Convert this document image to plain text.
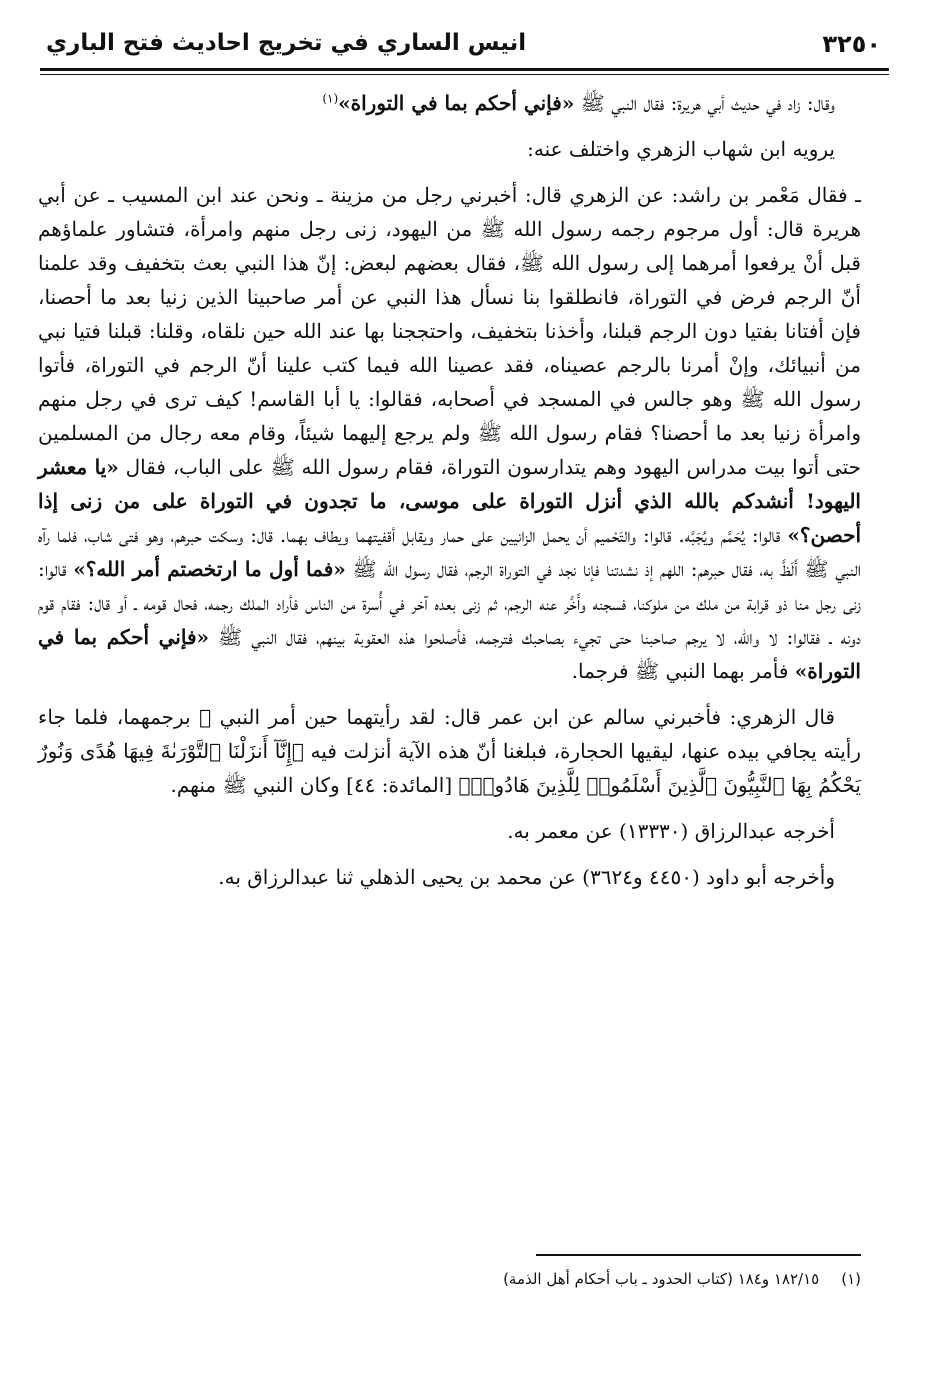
انيس الساري في تخريج احاديث فتح الباري	٣٢٥٠

وقال: زاد في حديث أبي هريرة: فقال النبي ﷺ «فإني أحكم بما في التوراة»$^{(١)}$

يرويه ابن شهاب الزهري واختلف عنه:

ـ فقال مَعْمر بن راشد: عن الزهري قال: أخبرني رجل من مزينة ـ ونحن عند ابن المسيب ـ عن أبي هريرة قال: أول مرجوم رجمه رسول الله ﷺ من اليهود، زنى رجل منهم وامرأة، فتشاور علماؤهم قبل أنْ يرفعوا أمرهما إلى رسول الله ﷺ، فقال بعضهم لبعض: إنّ هذا النبي بعث بتخفيف وقد علمنا أنّ الرجم فرض في التوراة، فانطلقوا بنا نسأل هذا النبي عن أمر صاحبينا الذين زنيا بعد ما أحصنا، فإن أفتانا بفتيا دون الرجم قبلنا، وأخذنا بتخفيف، واحتججنا بها عند الله حين نلقاه، وقلنا: قبلنا فتيا نبي من أنبيائك، وإنْ أمرنا بالرجم عصيناه، فقد عصينا الله فيما كتب علينا أنّ الرجم في التوراة، فأتوا رسول الله ﷺ وهو جالس في المسجد في أصحابه، فقالوا: يا أبا القاسم! كيف ترى في رجل منهم وامرأة زنيا بعد ما أحصنا؟ فقام رسول الله ﷺ ولم يرجع إليهما شيئاً، وقام معه رجال من المسلمين حتى أتوا بيت مدراس اليهود وهم يتدارسون التوراة، فقام رسول الله ﷺ على الباب، فقال «يا معشر اليهود! أنشدكم بالله الذي أنزل التوراة على موسى، ما تجدون في التوراة على من زنى إذا أحصن؟» قالوا: يُحَمَّم ويُجَبَّه. قالوا: والتَحْميم أن يحمل الزانيين على حمار ويقابل أقفيتهما ويطاف بهما. قال: وسكت حبرهم، وهو فتى شاب، فلما رآه النبي ﷺ أَلَظَّ به، فقال حبرهم: اللهم إذ نشدتنا فإنا نجد في التوراة الرجم، فقال رسول الله ﷺ «فما أول ما ارتخصتم أمر الله؟» قالوا: زنى رجل منا ذو قرابة من ملك من ملوكنا، فسجنه وأَخَّر عنه الرجم، ثم زنى بعده آخر في أُسرة من الناس فأراد الملك رجمه، فحال قومه ـ أو قال: فقام قوم دونه ـ فقالوا: لا والله، لا يرجم صاحبنا حتى تجيء بصاحبك فترجمه، فأصلحوا هذه العقوبة بينهم، فقال النبي ﷺ «فإني أحكم بما في التوراة» فأمر بهما النبي ﷺ فرجما.

قال الزهري: فأخبرني سالم عن ابن عمر قال: لقد رأيتهما حين أمر النبي ﷺ برجمهما، فلما جاء رأيته يجافي بيده عنها، ليقيها الحجارة، فبلغنا أنّ هذه الآية أنزلت فيه ﴿إِنَّآ أَنزَلْنَا ٱلتَّوْرَىٰةَ فِيهَا هُدًى وَنُورٌ يَحْكُمُ بِهَا ٱلنَّبِيُّونَ ٱلَّذِينَ أَسْلَمُوا۟ لِلَّذِينَ هَادُوا۟﴾ [المائدة: ٤٤] وكان النبي ﷺ منهم.

أخرجه عبدالرزاق (١٣٣٣٠) عن معمر به.

وأخرجه أبو داود (٤٤٥٠ و٣٦٢٤) عن محمد بن يحيى الذهلي ثنا عبدالرزاق به.

(١)١٨٢/١٥ و١٨٤ (كتاب الحدود ـ باب أحكام أهل الذمة)
